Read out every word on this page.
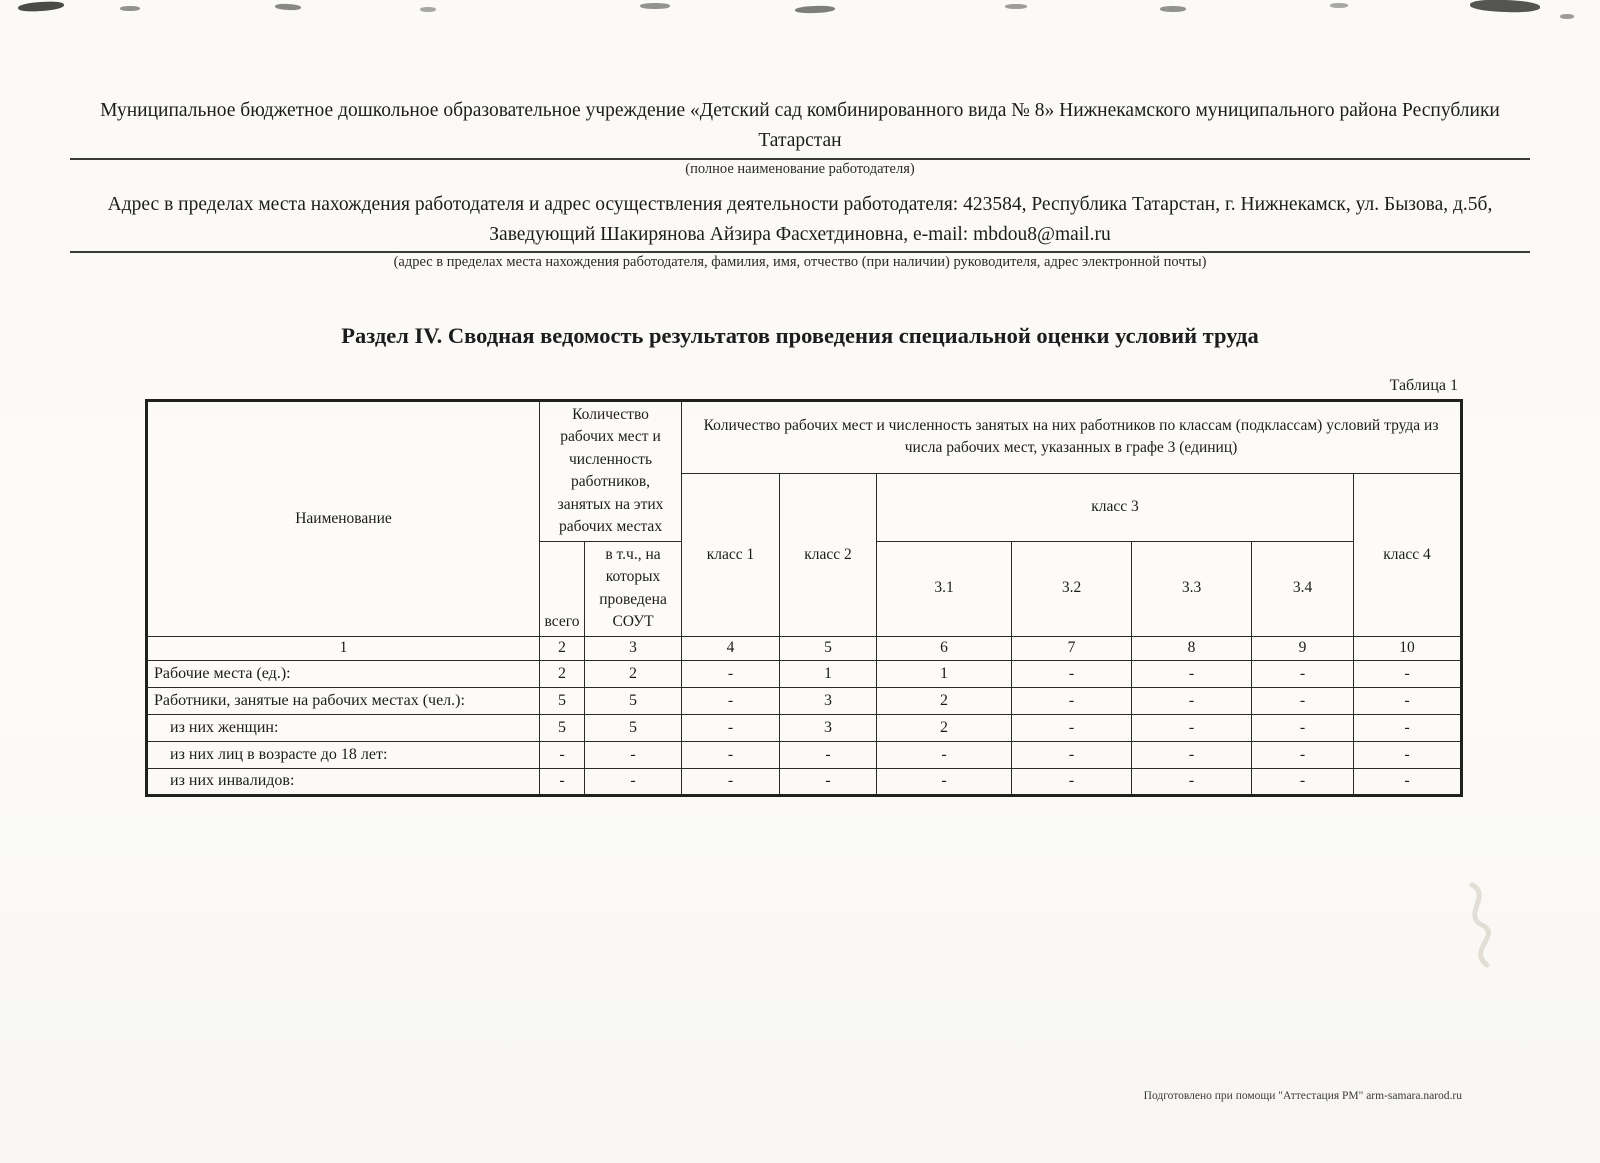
Муниципальное бюджетное дошкольное образовательное учреждение «Детский сад комбинированного вида № 8» Нижнекамского муниципального района Республики Татарстан
(полное наименование работодателя)
Адрес в пределах места нахождения работодателя и адрес осуществления деятельности работодателя: 423584, Республика Татарстан, г. Нижнекамск, ул. Бызова, д.5б, Заведующий Шакирянова Айзира Фасхетдиновна, e-mail: mbdou8@mail.ru
(адрес в пределах места нахождения работодателя, фамилия, имя, отчество (при наличии) руководителя, адрес электронной почты)
Раздел IV. Сводная ведомость результатов проведения специальной оценки условий труда
Таблица 1
Наименование	Количество рабочих мест и численность работников, занятых на этих рабочих местах		Количество рабочих мест и численность занятых на них работников по классам (подклассам) условий труда из числа рабочих мест, указанных в графе 3 (единиц)						
			класс 1	класс 2	класс 3				класс 4
	всего	в т.ч., на которых проведена СОУТ			3.1	3.2	3.3	3.4	
1	2	3	4	5	6	7	8	9	10
Рабочие места (ед.):	2	2	-	1	1	-	-	-	-
Работники, занятые на рабочих местах (чел.):	5	5	-	3	2	-	-	-	-
из них женщин:	5	5	-	3	2	-	-	-	-
из них лиц в возрасте до 18 лет:	-	-	-	-	-	-	-	-	-
из них инвалидов:	-	-	-	-	-	-	-	-	-
Подготовлено при помощи "Аттестация РМ" arm-samara.narod.ru
